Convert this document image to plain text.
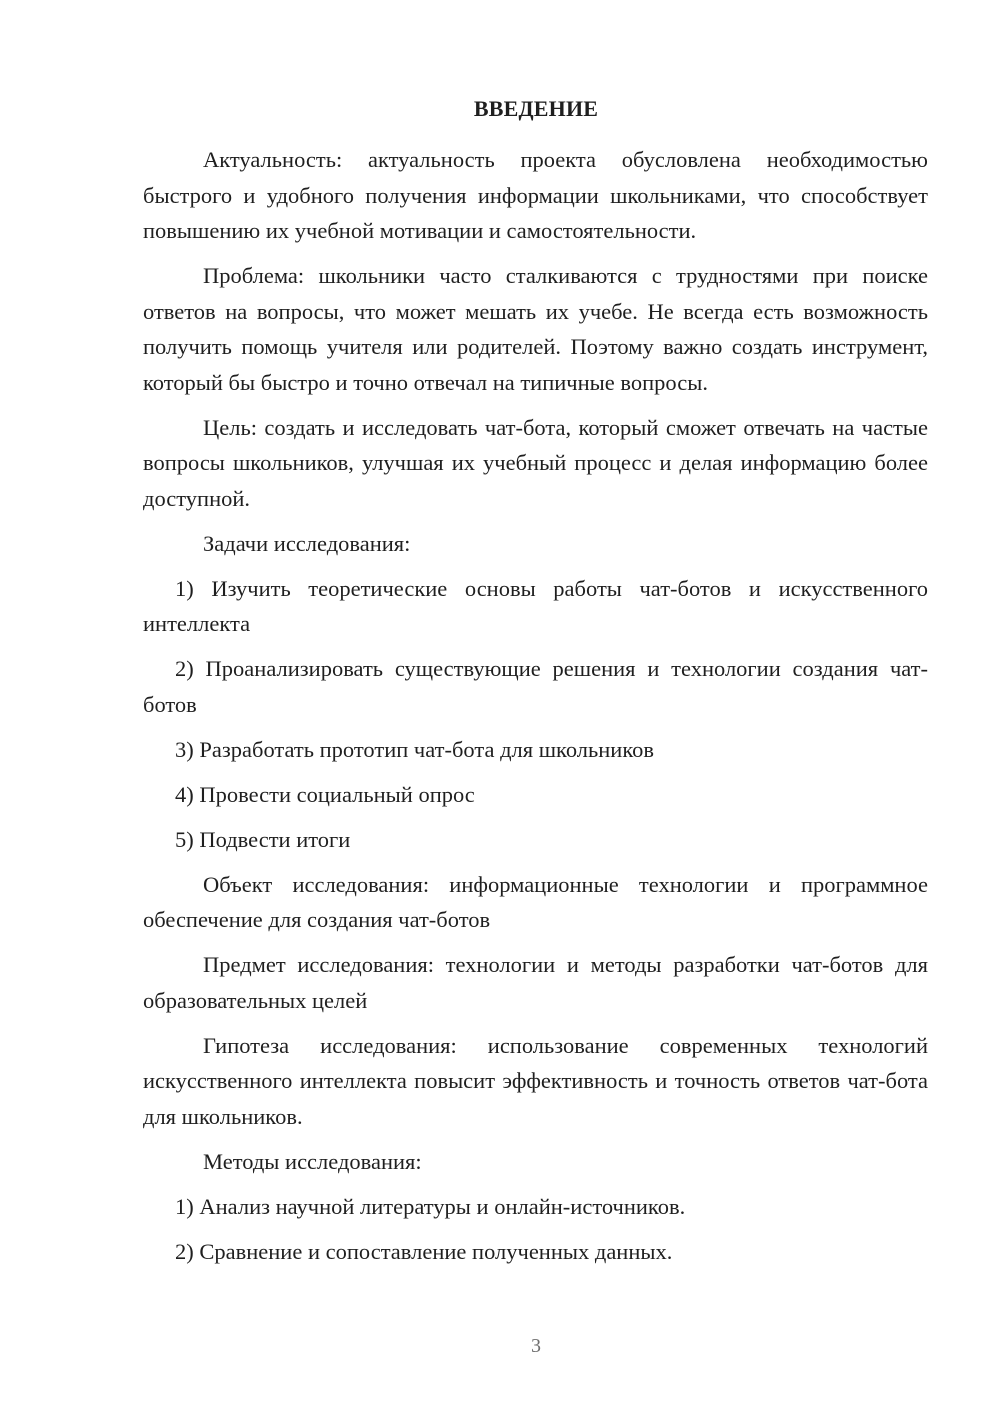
ВВЕДЕНИЕ

Актуальность: актуальность проекта обусловлена необходимостью быстрого и удобного получения информации школьниками, что способствует повышению их учебной мотивации и самостоятельности.

Проблема: школьники часто сталкиваются с трудностями при поиске ответов на вопросы, что может мешать их учебе. Не всегда есть возможность получить помощь учителя или родителей. Поэтому важно создать инструмент, который бы быстро и точно отвечал на типичные вопросы.

Цель: создать и исследовать чат-бота, который сможет отвечать на частые вопросы школьников, улучшая их учебный процесс и делая информацию более доступной.

Задачи исследования:

1) Изучить теоретические основы работы чат-ботов и искусственного интеллекта

2) Проанализировать существующие решения и технологии создания чат-ботов

3) Разработать прототип чат-бота для школьников

4) Провести социальный опрос

5) Подвести итоги

Объект исследования: информационные технологии и программное обеспечение для создания чат-ботов

Предмет исследования: технологии и методы разработки чат-ботов для образовательных целей

Гипотеза исследования: использование современных технологий искусственного интеллекта повысит эффективность и точность ответов чат-бота для школьников.

Методы исследования:

1) Анализ научной литературы и онлайн-источников.

2) Сравнение и сопоставление полученных данных.

3
